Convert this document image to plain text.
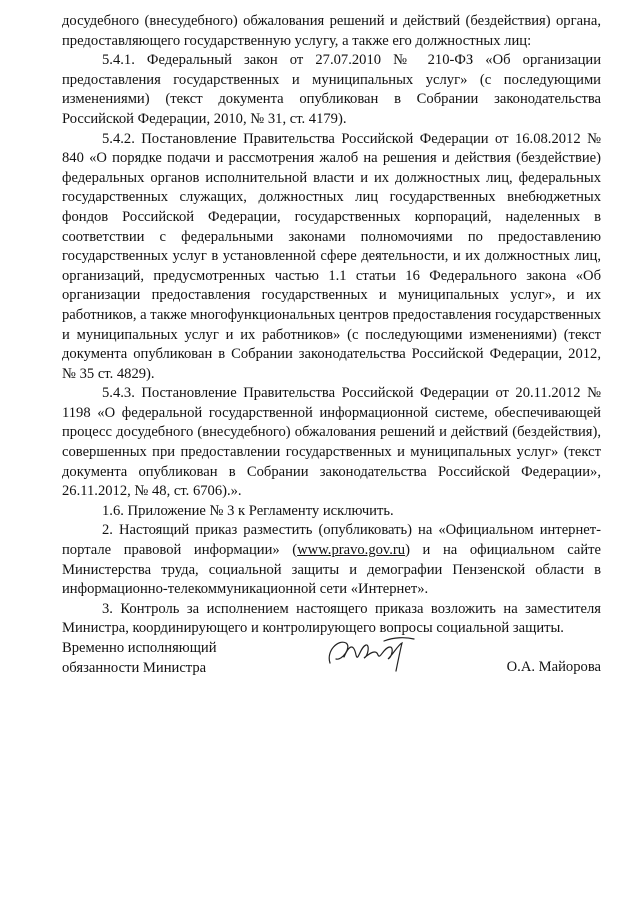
досудебного (внесудебного) обжалования решений и действий (бездействия) органа, предоставляющего государственную услугу, а также его должностных лиц:

5.4.1. Федеральный закон от 27.07.2010 № 210-ФЗ «Об организации предоставления государственных и муниципальных услуг» (с последующими изменениями) (текст документа опубликован в Собрании законодательства Российской Федерации, 2010, № 31, ст. 4179).

5.4.2. Постановление Правительства Российской Федерации от 16.08.2012 № 840 «О порядке подачи и рассмотрения жалоб на решения и действия (бездействие) федеральных органов исполнительной власти и их должностных лиц, федеральных государственных служащих, должностных лиц государственных внебюджетных фондов Российской Федерации, государственных корпораций, наделенных в соответствии с федеральными законами полномочиями по предоставлению государственных услуг в установленной сфере деятельности, и их должностных лиц, организаций, предусмотренных частью 1.1 статьи 16 Федерального закона «Об организации предоставления государственных и муниципальных услуг», и их работников, а также многофункциональных центров предоставления государственных и муниципальных услуг и их работников» (с последующими изменениями) (текст документа опубликован в Собрании законодательства Российской Федерации, 2012, № 35 ст. 4829).

5.4.3. Постановление Правительства Российской Федерации от 20.11.2012 № 1198 «О федеральной государственной информационной системе, обеспечивающей процесс досудебного (внесудебного) обжалования решений и действий (бездействия), совершенных при предоставлении государственных и муниципальных услуг» (текст документа опубликован в Собрании законодательства Российской Федерации», 26.11.2012, № 48, ст. 6706).».

1.6. Приложение № 3 к Регламенту исключить.

2. Настоящий приказ разместить (опубликовать) на «Официальном интернет-портале правовой информации» (www.pravo.gov.ru) и на официальном сайте Министерства труда, социальной защиты и демографии Пензенской области в информационно-телекоммуникационной сети «Интернет».

3. Контроль за исполнением настоящего приказа возложить на заместителя Министра, координирующего и контролирующего вопросы социальной защиты.

Временно исполняющий
обязанности Министра	О.А. Майорова
